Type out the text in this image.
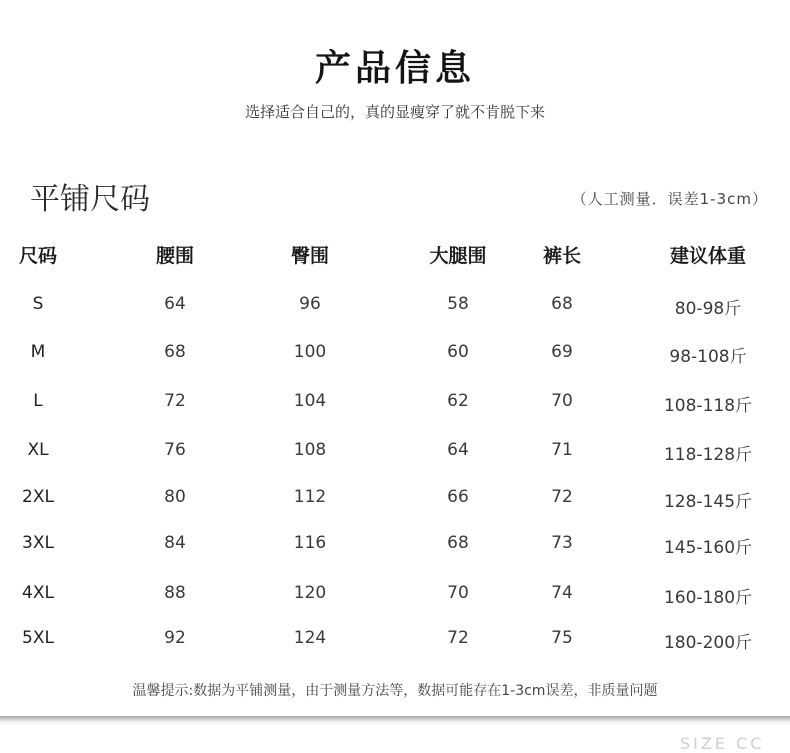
产品信息
选择适合自己的，真的显瘦穿了就不肯脱下来
平铺尺码	（人工测量．误差1-3cm）
尺码	腰围	臀围	大腿围	裤长	建议体重
S	64	96	58	68	80-98斤
M	68	100	60	69	98-108斤
L	72	104	62	70	108-118斤
XL	76	108	64	71	118-128斤
2XL	80	112	66	72	128-145斤
3XL	84	116	68	73	145-160斤
4XL	88	120	70	74	160-180斤
5XL	92	124	72	75	180-200斤
温馨提示:数据为平铺测量，由于测量方法等，数据可能存在1-3cm误差，非质量问题
SIZE CC
